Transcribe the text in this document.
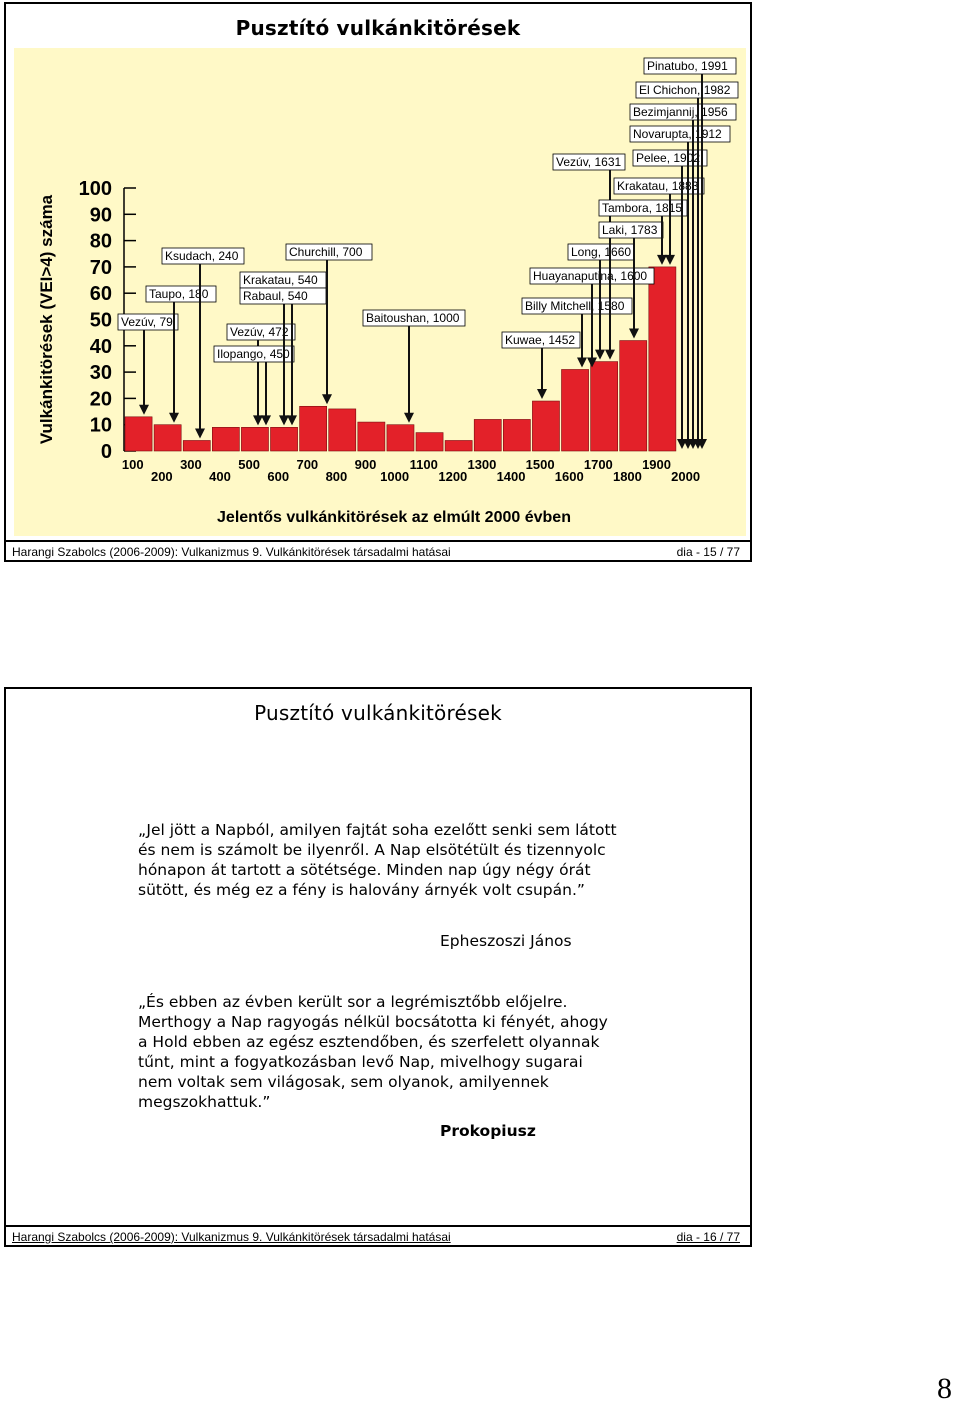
Pusztító vulkánkitörések
Vulkánkitörések (VEI>4) száma
0
10
20
30
40
50
60
70
80
90
100
100
200
300
400
500
600
700
800
900
1000
1100
1200
1300
1400
1500
1600
1700
1800
1900
2000
Jelentős vulkánkitörések az elmúlt 2000 évben
Vezúv, 79
Taupo, 180
Ksudach, 240
Vezúv, 472
Ilopango, 450
Krakatau, 540
Rabaul, 540
Churchill, 700
Baitoushan, 1000
Kuwae, 1452
Billy Mitchell, 1580
Huayanaputina, 1600
Long, 1660
Vezúv, 1631
Laki, 1783
Tambora, 1815
Krakatau, 1883
Pelee, 1902
Novarupta, 1912
Bezimjannij, 1956
El Chichon, 1982
Pinatubo, 1991
Harangi Szabolcs (2006-2009): Vulkanizmus 9. Vulkánkitörések társadalmi hatásai	dia - 15 / 77
Pusztító vulkánkitörések
Harangi Szabolcs (2006-2009): Vulkanizmus 9. Vulkánkitörések társadalmi hatásai	dia - 16 / 77
„Jel jött a Napból, amilyen fajtát soha ezelőtt senki sem látott és nem is számolt be ilyenről. A Nap elsötétült és tizennyolc hónapon át tartott a sötétsége. Minden nap úgy négy órát sütött, és még ez a fény is halovány árnyék volt csupán.”
Epheszoszi János
„És ebben az évben került sor a legrémisztőbb előjelre. Merthogy a Nap ragyogás nélkül bocsátotta ki fényét, ahogy a Hold ebben az egész esztendőben, és szerfelett olyannak tűnt, mint a fogyatkozásban levő Nap, mivelhogy sugarai nem voltak sem világosak, sem olyanok, amilyennek megszokhattuk.”
Prokopiusz
8
